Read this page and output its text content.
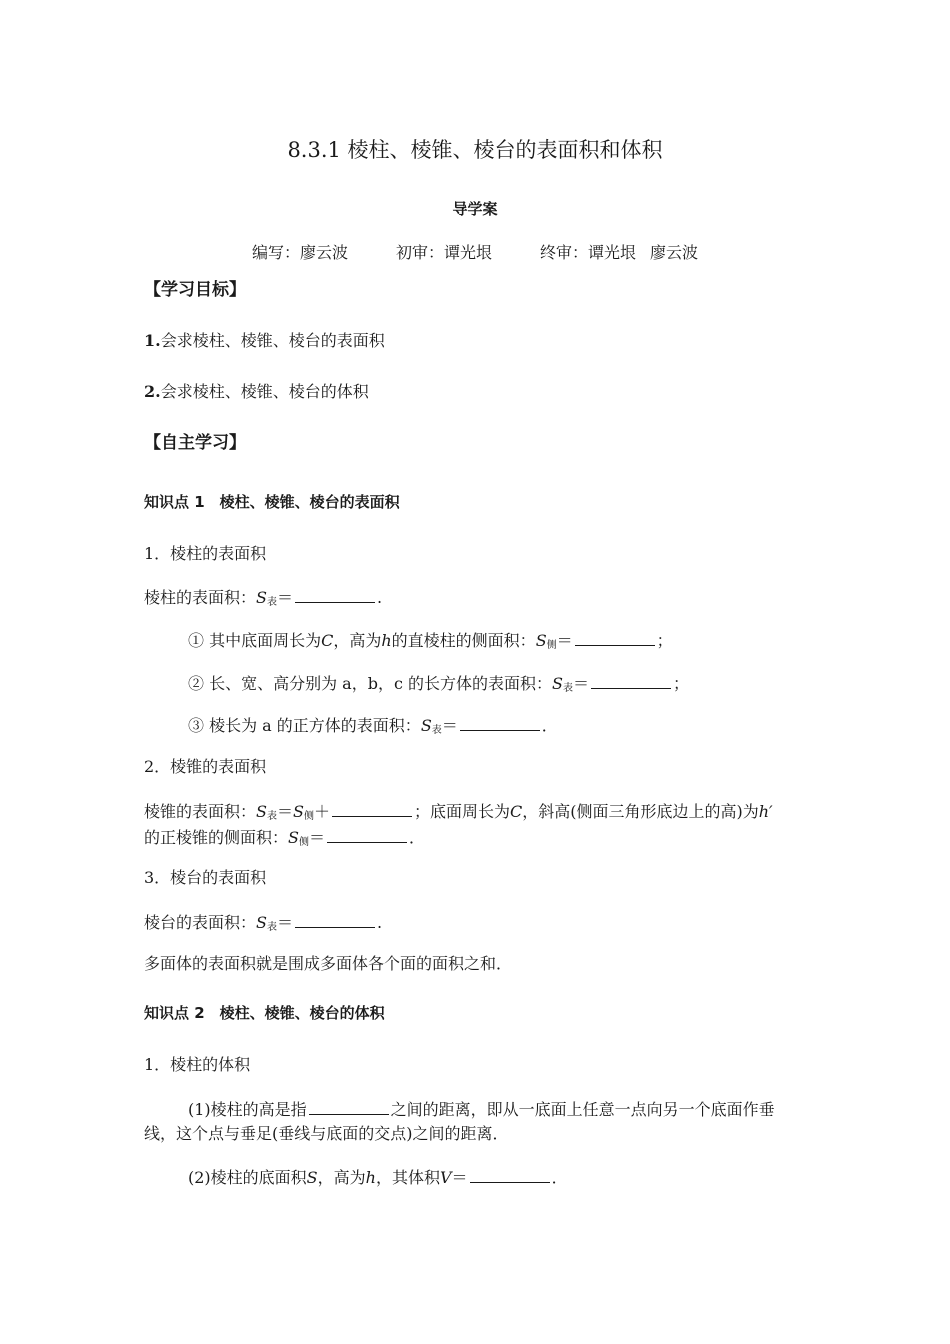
8.3.1 棱柱、棱锥、棱台的表面积和体积
导学案
编写：廖云波	初审：谭光垠	终审：谭光垠 廖云波
【学习目标】
1.会求棱柱、棱锥、棱台的表面积
2.会求棱柱、棱锥、棱台的体积
【自主学习】
知识点 1　棱柱、棱锥、棱台的表面积
1．棱柱的表面积
棱柱的表面积：$S_表=$	.
① 其中底面周长为C，高为h的直棱柱的侧面积：$S_侧=$	；
② 长、宽、高分别为 a，b，c 的长方体的表面积：$S_表=$	；
③ 棱长为 a 的正方体的表面积：$S_表=$	．
2．棱锥的表面积
棱锥的表面积：$S_表=S_侧+$	；底面周长为C，斜高(侧面三角形底边上的高)为h′
的正棱锥的侧面积：$S_侧=$	．
3．棱台的表面积
棱台的表面积：$S_表=$	.
多面体的表面积就是围成多面体各个面的面积之和．
知识点 2　棱柱、棱锥、棱台的体积
1．棱柱的体积
(1)棱柱的高是指	之间的距离，即从一底面上任意一点向另一个底面作垂
线，这个点与垂足(垂线与底面的交点)之间的距离．
(2)棱柱的底面积S，高为h，其体积V＝	．
